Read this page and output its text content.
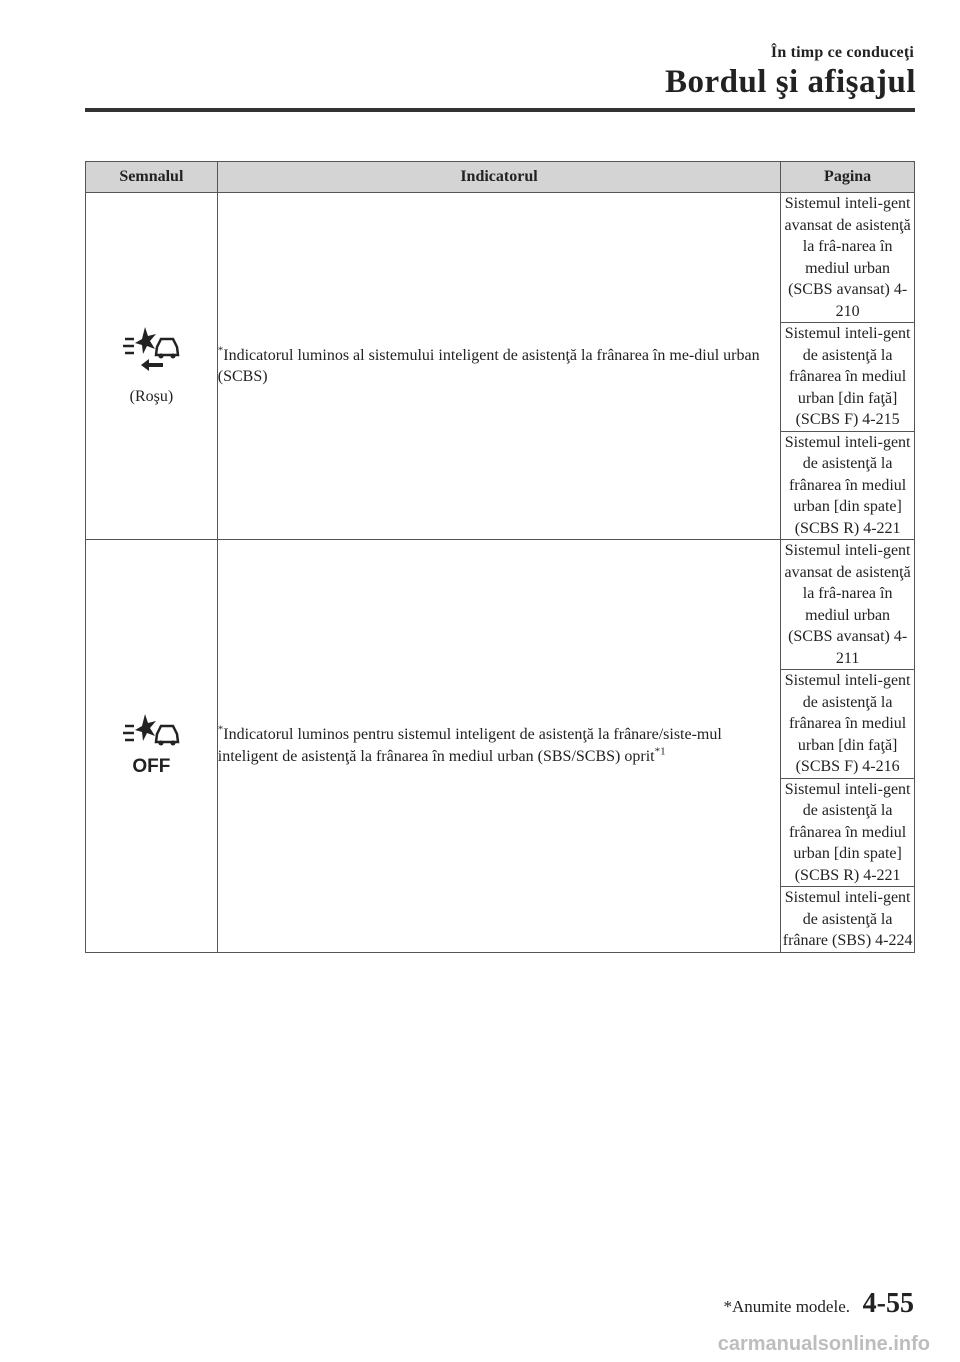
În timp ce conduceţi
Bordul şi afişajul
Semnalul	Indicatorul	Pagina

(Roşu)	*Indicatorul luminos al sistemului inteligent de asistenţă la frânarea în me-diul urban (SCBS)	Sistemul inteli-gent avansat de asistenţă la frâ-narea în mediul urban (SCBS avansat) 4-210
		Sistemul inteli-gent de asistenţă la frânarea în mediul urban [din faţă] (SCBS F) 4-215
		Sistemul inteli-gent de asistenţă la frânarea în mediul urban [din spate] (SCBS R) 4-221

OFF	*Indicatorul luminos pentru sistemul inteligent de asistenţă la frânare/siste-mul inteligent de asistenţă la frânarea în mediul urban (SBS/SCBS) oprit$^{*1}$	Sistemul inteli-gent avansat de asistenţă la frâ-narea în mediul urban (SCBS avansat) 4-211
		Sistemul inteli-gent de asistenţă la frânarea în mediul urban [din faţă] (SCBS F) 4-216
		Sistemul inteli-gent de asistenţă la frânarea în mediul urban [din spate] (SCBS R) 4-221
		Sistemul inteli-gent de asistenţă la frânare (SBS) 4-224
*Anumite modele. 4-55
carmanualsonline.info
